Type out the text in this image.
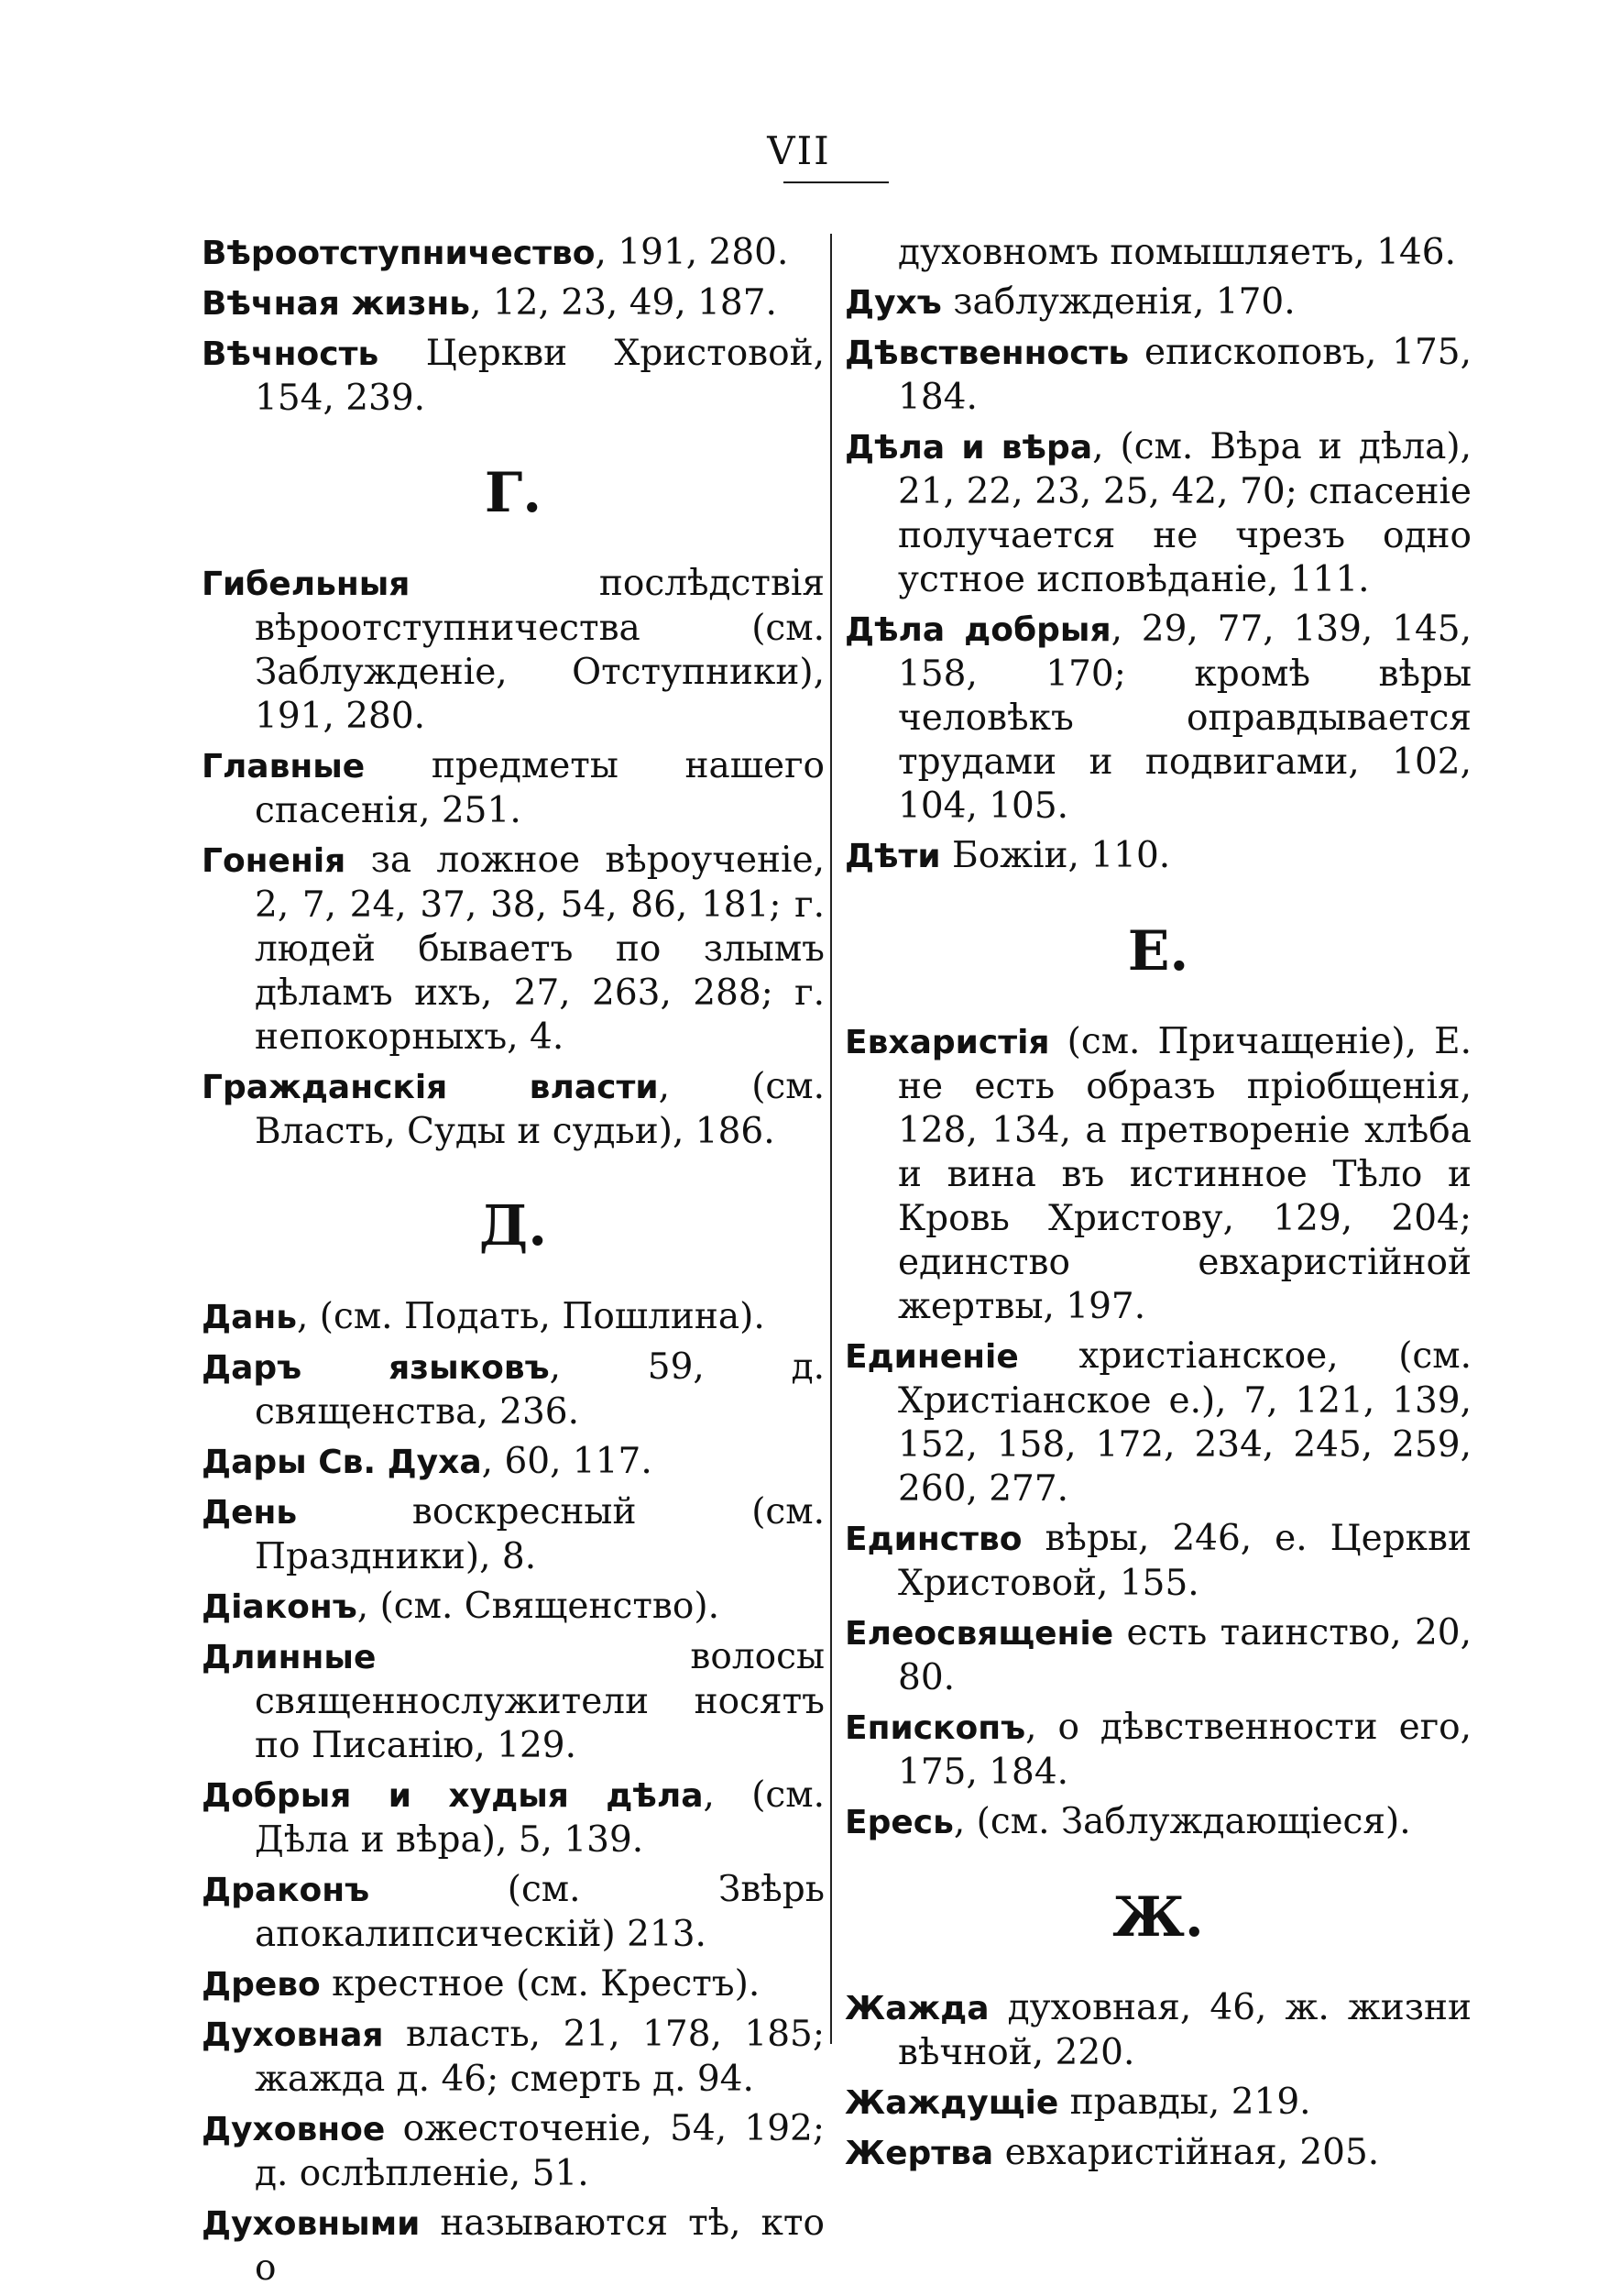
VII

Вѣроотступничество, 191, 280.

Вѣчная жизнь, 12, 23, 49, 187.

Вѣчность Церкви Христовой, 154, 239.

Г.

Гибельныя послѣдствія вѣроотступничества (см. Заблужденіе, Отступники), 191, 280.

Главные предметы нашего спасенія, 251.

Гоненія за ложное вѣроученіе, 2, 7, 24, 37, 38, 54, 86, 181; г. людей бываетъ по злымъ дѣламъ ихъ, 27, 263, 288; г. непокорныхъ, 4.

Гражданскія власти, (см. Власть, Суды и судьи), 186.

Д.

Дань, (см. Подать, Пошлина).

Даръ языковъ, 59, д. священства, 236.

Дары Св. Духа, 60, 117.

День воскресный (см. Праздники), 8.

Діаконъ, (см. Священство).

Длинные волосы священнослужители носятъ по Писанію, 129.

Добрыя и худыя дѣла, (см. Дѣла и вѣра), 5, 139.

Драконъ (см. Звѣрь апокалипсическій) 213.

Древо крестное (см. Крестъ).

Духовная власть, 21, 178, 185; жажда д. 46; смерть д. 94.

Духовное ожесточеніе, 54, 192; д. ослѣпленіе, 51.

Духовными называются тѣ, кто о

духовномъ помышляетъ, 146.

Духъ заблужденія, 170.

Дѣвственность епископовъ, 175, 184.

Дѣла и вѣра, (см. Вѣра и дѣла), 21, 22, 23, 25, 42, 70; спасеніе получается не чрезъ одно устное исповѣданіе, 111.

Дѣла добрыя, 29, 77, 139, 145, 158, 170; кромѣ вѣры человѣкъ оправдывается трудами и подвигами, 102, 104, 105.

Дѣти Божіи, 110.

Е.

Евхаристія (см. Причащеніе), Е. не есть образъ пріобщенія, 128, 134, а претвореніе хлѣба и вина въ истинное Тѣло и Кровь Христову, 129, 204; единство евхаристійной жертвы, 197.

Единеніе христіанское, (см. Христіанское е.), 7, 121, 139, 152, 158, 172, 234, 245, 259, 260, 277.

Единство вѣры, 246, е. Церкви Христовой, 155.

Елеосвященіе есть таинство, 20, 80.

Епископъ, о дѣвственности его, 175, 184.

Ересь, (см. Заблуждающіеся).

Ж.

Жажда духовная, 46, ж. жизни вѣчной, 220.

Жаждущіе правды, 219.

Жертва евхаристійная, 205.
